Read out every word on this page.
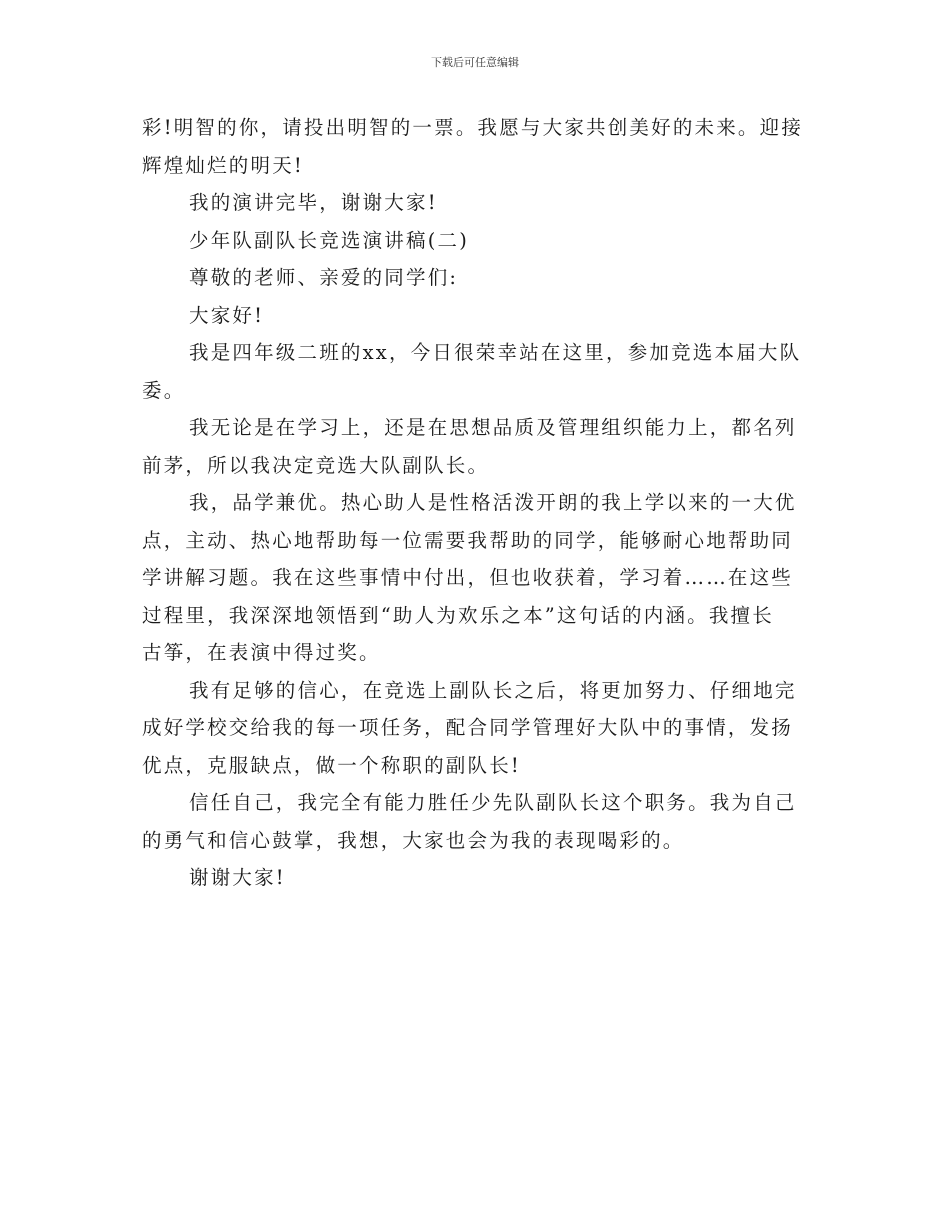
下载后可任意编辑
彩!明智的你，请投出明智的一票。我愿与大家共创美好的未来。迎接
辉煌灿烂的明天!
我的演讲完毕，谢谢大家!
少年队副队长竞选演讲稿(二)
尊敬的老师、亲爱的同学们:
大家好!
我是四年级二班的xx，今日很荣幸站在这里，参加竞选本届大队
委。
我无论是在学习上，还是在思想品质及管理组织能力上，都名列
前茅，所以我决定竞选大队副队长。
我，品学兼优。热心助人是性格活泼开朗的我上学以来的一大优
点，主动、热心地帮助每一位需要我帮助的同学，能够耐心地帮助同
学讲解习题。我在这些事情中付出，但也收获着，学习着……在这些
过程里，我深深地领悟到“助人为欢乐之本”这句话的内涵。我擅长
古筝，在表演中得过奖。
我有足够的信心，在竞选上副队长之后，将更加努力、仔细地完
成好学校交给我的每一项任务，配合同学管理好大队中的事情，发扬
优点，克服缺点，做一个称职的副队长!
信任自己，我完全有能力胜任少先队副队长这个职务。我为自己
的勇气和信心鼓掌，我想，大家也会为我的表现喝彩的。
谢谢大家!
